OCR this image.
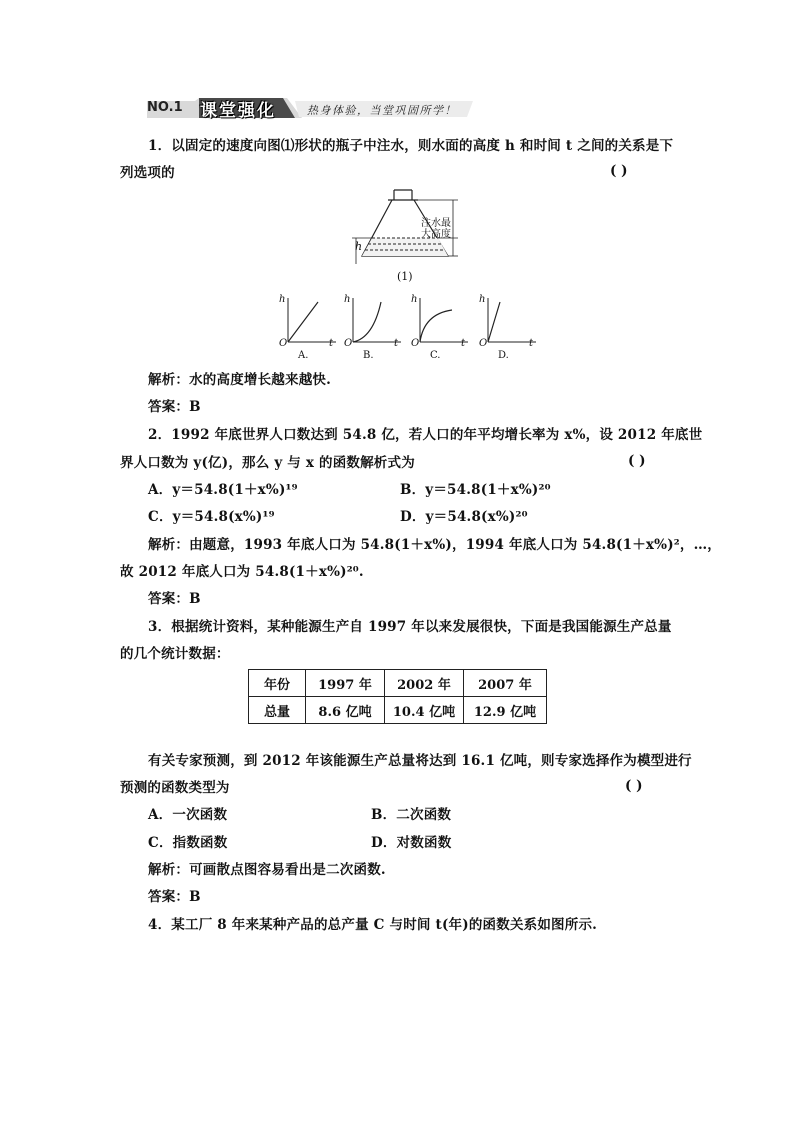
NO.1 课堂强化	热身体验，当堂巩固所学！
1．以固定的速度向图⑴形状的瓶子中注水，则水面的高度 h 和时间 t 之间的关系是下
列选项的	( )
h
注水最
大高度
(1)
h
t
O
A.
h
t
O
B.
h
t
O
C.
h
t
O
D.
解析：水的高度增长越来越快.
答案：B
2．1992 年底世界人口数达到 54.8 亿，若人口的年平均增长率为 x%，设 2012 年底世
界人口数为 y(亿)，那么 y 与 x 的函数解析式为	( )
A．y＝54.8(1＋x%)¹⁹	B．y＝54.8(1＋x%)²⁰
C．y＝54.8(x%)¹⁹	D．y＝54.8(x%)²⁰
解析：由题意，1993 年底人口为 54.8(1＋x%)，1994 年底人口为 54.8(1＋x%)²，…，
故 2012 年底人口为 54.8(1＋x%)²⁰.
答案：B
3．根据统计资料，某种能源生产自 1997 年以来发展很快，下面是我国能源生产总量
的几个统计数据：
年份	1997 年	2002 年	2007 年
总量	8.6 亿吨	10.4 亿吨	12.9 亿吨
有关专家预测，到 2012 年该能源生产总量将达到 16.1 亿吨，则专家选择作为模型进行
预测的函数类型为	( )
A．一次函数	B．二次函数
C．指数函数	D．对数函数
解析：可画散点图容易看出是二次函数.
答案：B
4．某工厂 8 年来某种产品的总产量 C 与时间 t(年)的函数关系如图所示.
